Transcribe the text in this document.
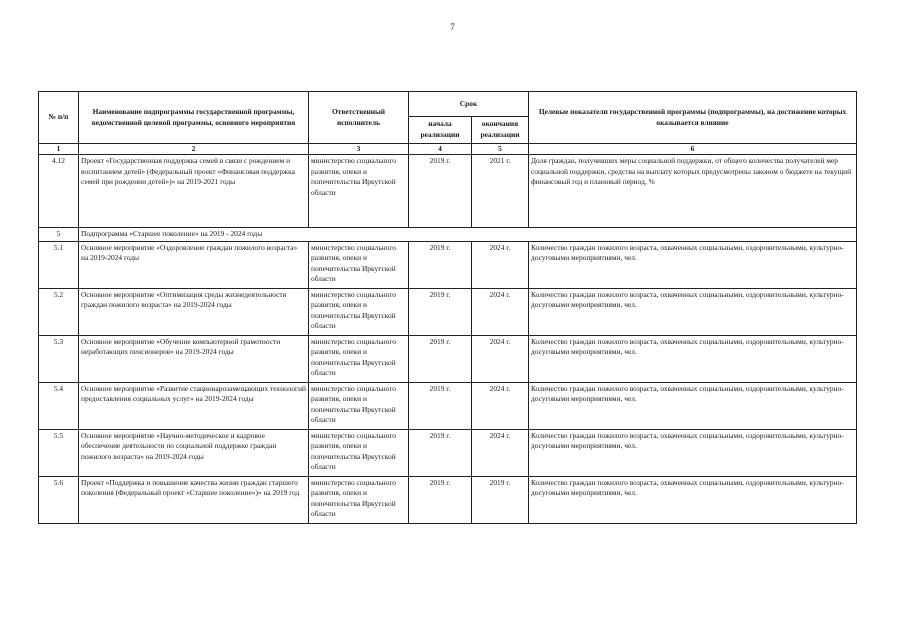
7
№ п/п	Наименование подпрограммы государственной программы, ведомственной целевой программы, основного мероприятия	Ответственный исполнитель	Срок		Целевые показатели государственной программы (подпрограммы), на достижение которых оказывается влияние
			начала реализации	окончания реализации	
1	2	3	4	5	6
4.12	Проект «Государственная поддержка семей в связи с рождением и воспитанием детей» (Федеральный проект «Финансовая поддержка семей при рождении детей»)» на 2019-2021 годы	министерство социального развития, опеки и попечительства Иркутской области	2019 г.	2021 г.	Доля граждан, получивших меры социальной поддержки, от общего количества получателей мер социальной поддержки, средства на выплату которых предусмотрены законом о бюджете на текущий финансовый год и плановый период, %
5	Подпрограмма «Старшее поколение» на 2019 - 2024 годы				
5.1	Основное мероприятие «Оздоровление граждан пожилого возраста» на 2019-2024 годы	министерство социального развития, опеки и попечительства Иркутской области	2019 г.	2024 г.	Количество граждан пожилого возраста, охваченных социальными, оздоровительными, культурно-досуговыми мероприятиями, чел.
5.2	Основное мероприятие «Оптимизация среды жизнедеятельности граждан пожилого возраста» на 2019-2024 годы	министерство социального развития, опеки и попечительства Иркутской области	2019 г.	2024 г.	Количество граждан пожилого возраста, охваченных социальными, оздоровительными, культурно-досуговыми мероприятиями, чел.
5.3	Основное мероприятие «Обучение компьютерной грамотности неработающих пенсионеров» на 2019-2024 годы	министерство социального развития, опеки и попечительства Иркутской области	2019 г.	2024 г.	Количество граждан пожилого возраста, охваченных социальными, оздоровительными, культурно-досуговыми мероприятиями, чел.
5.4	Основное мероприятие «Развитие стационарозамещающих технологий предоставления социальных услуг» на 2019-2024 годы	министерство социального развития, опеки и попечительства Иркутской области	2019 г.	2024 г.	Количество граждан пожилого возраста, охваченных социальными, оздоровительными, культурно-досуговыми мероприятиями, чел.
5.5	Основное мероприятие «Научно-методическое и кадровое обеспечение деятельности по социальной поддержке граждан пожилого возраста» на 2019-2024 годы	министерство социального развития, опеки и попечительства Иркутской области	2019 г.	2024 г.	Количество граждан пожилого возраста, охваченных социальными, оздоровительными, культурно-досуговыми мероприятиями, чел.
5.6	Проект «Поддержка и повышение качества жизни граждан старшего поколения (Федеральный проект «Старшее поколение»)» на 2019 год	министерство социального развития, опеки и попечительства Иркутской области	2019 г.	2019 г.	Количество граждан пожилого возраста, охваченных социальными, оздоровительными, культурно-досуговыми мероприятиями, чел.
